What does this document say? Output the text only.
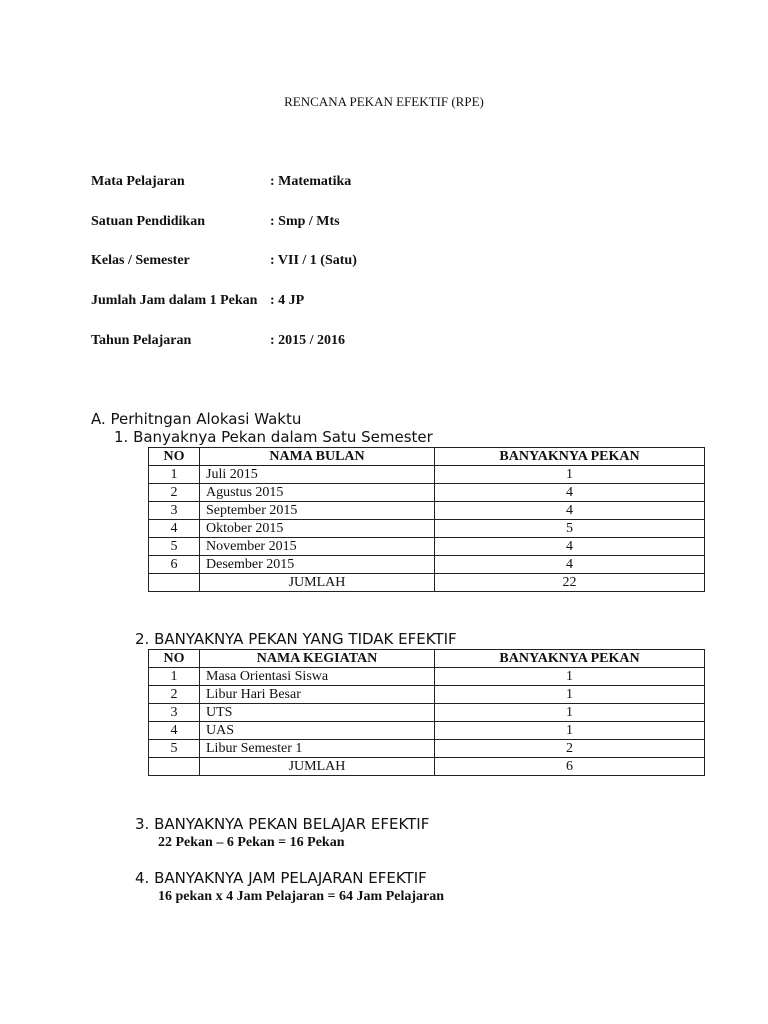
RENCANA PEKAN EFEKTIF (RPE)
Mata Pelajaran	: Matematika
Satuan Pendidikan	: Smp / Mts
Kelas / Semester	: VII / 1 (Satu)
Jumlah Jam dalam 1 Pekan : 4 JP
Tahun Pelajaran	: 2015 / 2016
A. Perhitngan Alokasi Waktu
1. Banyaknya Pekan dalam Satu Semester
NO	NAMA BULAN	BANYAKNYA PEKAN
1	Juli 2015	1
2	Agustus 2015	4
3	September 2015	4
4	Oktober 2015	5
5	November 2015	4
6	Desember 2015	4
	JUMLAH	22
2. BANYAKNYA PEKAN YANG TIDAK EFEKTIF
NO	NAMA KEGIATAN	BANYAKNYA PEKAN
1	Masa Orientasi Siswa	1
2	Libur Hari Besar	1
3	UTS	1
4	UAS	1
5	Libur Semester 1	2
	JUMLAH	6
3. BANYAKNYA PEKAN BELAJAR EFEKTIF
22 Pekan – 6 Pekan = 16 Pekan
4. BANYAKNYA JAM PELAJARAN EFEKTIF
16 pekan x 4 Jam Pelajaran = 64 Jam Pelajaran
